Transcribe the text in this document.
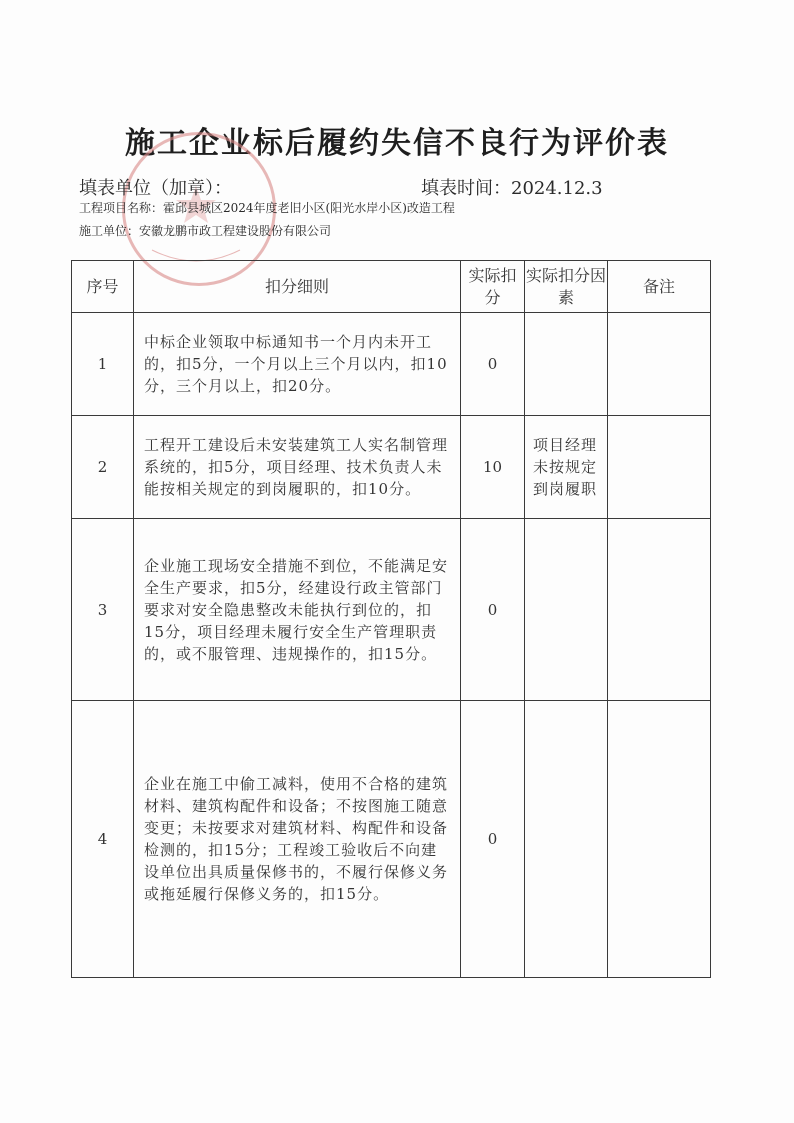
施工企业标后履约失信不良行为评价表
填表单位（加章）：	填表时间：2024.12.3
工程项目名称：霍邱县城区2024年度老旧小区(阳光水岸小区)改造工程
施工单位：安徽龙鹏市政工程建设股份有限公司
序号	扣分细则	实际扣分	实际扣分因素	备注
1	中标企业领取中标通知书一个月内未开工的，扣5分，一个月以上三个月以内，扣10分，三个月以上，扣20分。	0		
2	工程开工建设后未安装建筑工人实名制管理系统的，扣5分，项目经理、技术负责人未能按相关规定的到岗履职的，扣10分。	10	项目经理未按规定到岗履职	
3	企业施工现场安全措施不到位，不能满足安全生产要求，扣5分，经建设行政主管部门要求对安全隐患整改未能执行到位的，扣15分，项目经理未履行安全生产管理职责的，或不服管理、违规操作的，扣15分。	0		
4	企业在施工中偷工减料，使用不合格的建筑材料、建筑构配件和设备；不按图施工随意变更；未按要求对建筑材料、构配件和设备检测的，扣15分；工程竣工验收后不向建设单位出具质量保修书的，不履行保修义务或拖延履行保修义务的，扣15分。	0		
